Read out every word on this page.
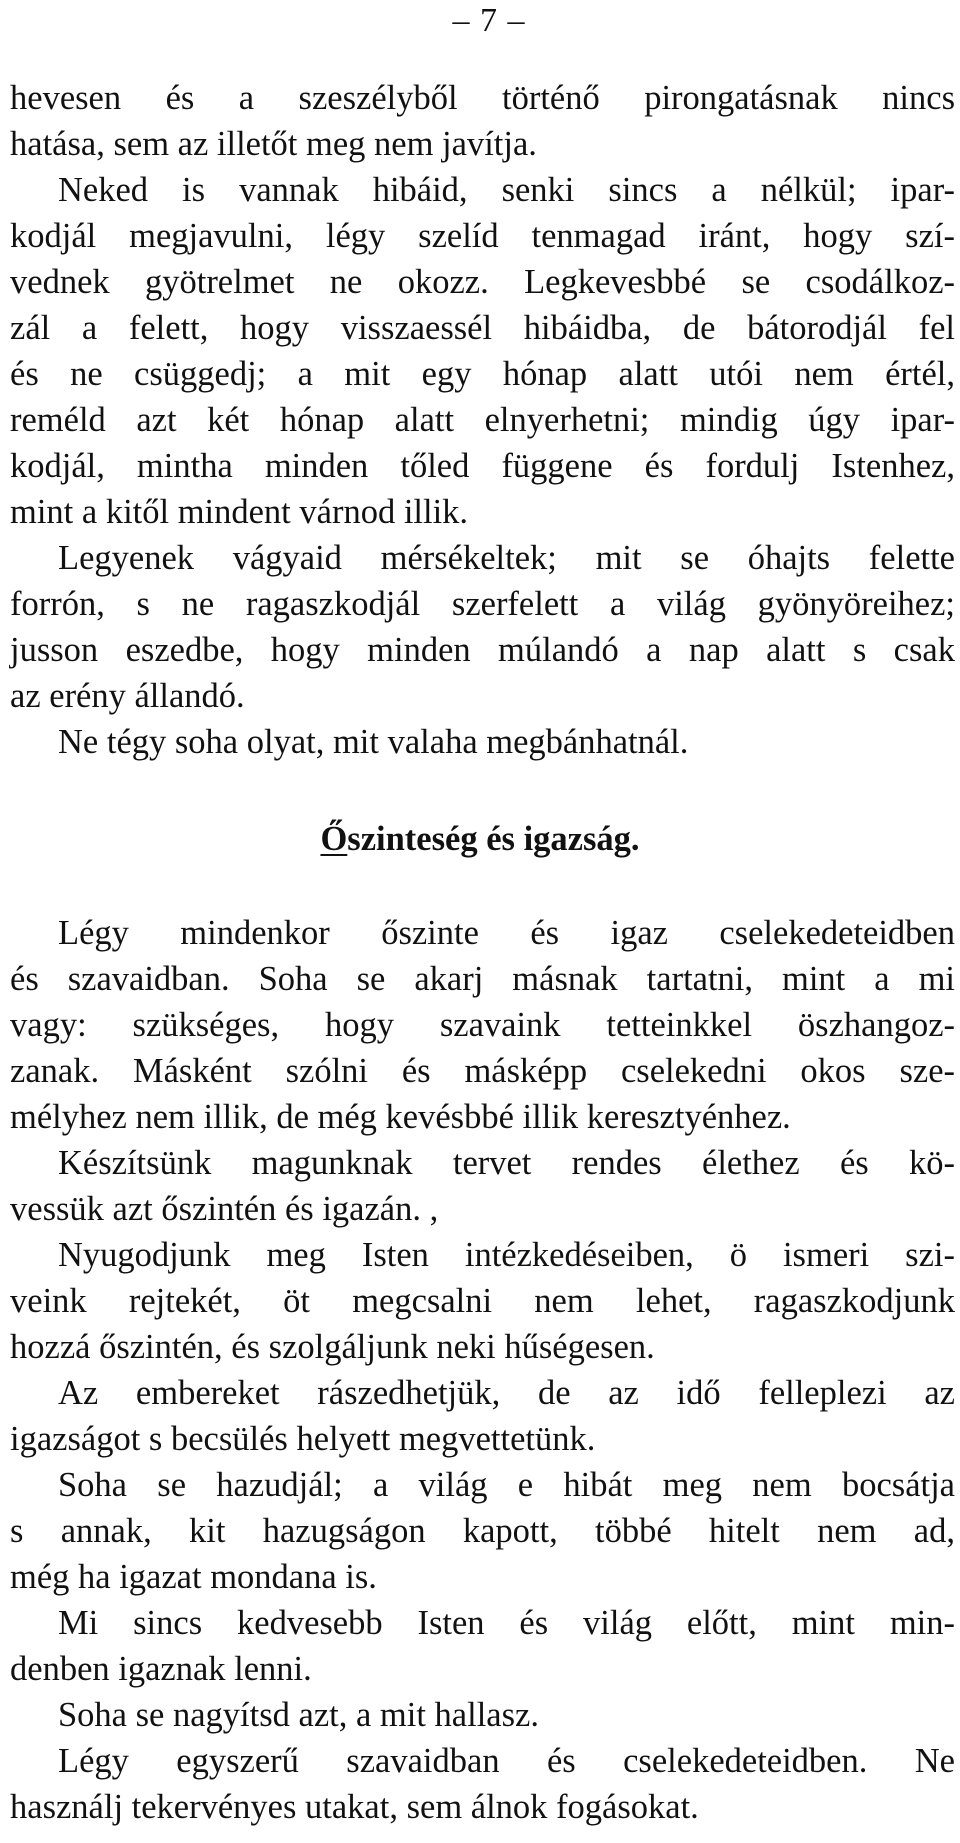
– 7 –
hevesen és a szeszélyből történő pirongatásnak nincs
hatása, sem az illetőt meg nem javítja.
Neked is vannak hibáid, senki sincs a nélkül; ipar-
kodjál megjavulni, légy szelíd tenmagad iránt, hogy szí-
vednek gyötrelmet ne okozz. Legkevesbbé se csodálkoz-
zál a felett, hogy visszaessél hibáidba, de bátorodjál fel
és ne csüggedj; a mit egy hónap alatt utói nem értél,
reméld azt két hónap alatt elnyerhetni; mindig úgy ipar-
kodjál, mintha minden tőled függene és fordulj Istenhez,
mint a kitől mindent várnod illik.
Legyenek vágyaid mérsékeltek; mit se óhajts felette
forrón, s ne ragaszkodjál szerfelett a világ gyönyöreihez;
jusson eszedbe, hogy minden múlandó a nap alatt s csak
az erény állandó.
Ne tégy soha olyat, mit valaha megbánhatnál.
Őszinteség és igazság.
Légy mindenkor őszinte és igaz cselekedeteidben
és szavaidban. Soha se akarj másnak tartatni, mint a mi
vagy: szükséges, hogy szavaink tetteinkkel öszhangoz-
zanak. Másként szólni és másképp cselekedni okos sze-
mélyhez nem illik, de még kevésbbé illik keresztyénhez.
Készítsünk magunknak tervet rendes élethez és kö-
vessük azt őszintén és igazán. ,
Nyugodjunk meg Isten intézkedéseiben, ö ismeri szi-
veink rejtekét, öt megcsalni nem lehet, ragaszkodjunk
hozzá őszintén, és szolgáljunk neki hűségesen.
Az embereket rászedhetjük, de az idő felleplezi az
igazságot s becsülés helyett megvettetünk.
Soha se hazudjál; a világ e hibát meg nem bocsátja
s annak, kit hazugságon kapott, többé hitelt nem ad,
még ha igazat mondana is.
Mi sincs kedvesebb Isten és világ előtt, mint min-
denben igaznak lenni.
Soha se nagyítsd azt, a mit hallasz.
Légy egyszerű szavaidban és cselekedeteidben. Ne
használj tekervényes utakat, sem álnok fogásokat.
